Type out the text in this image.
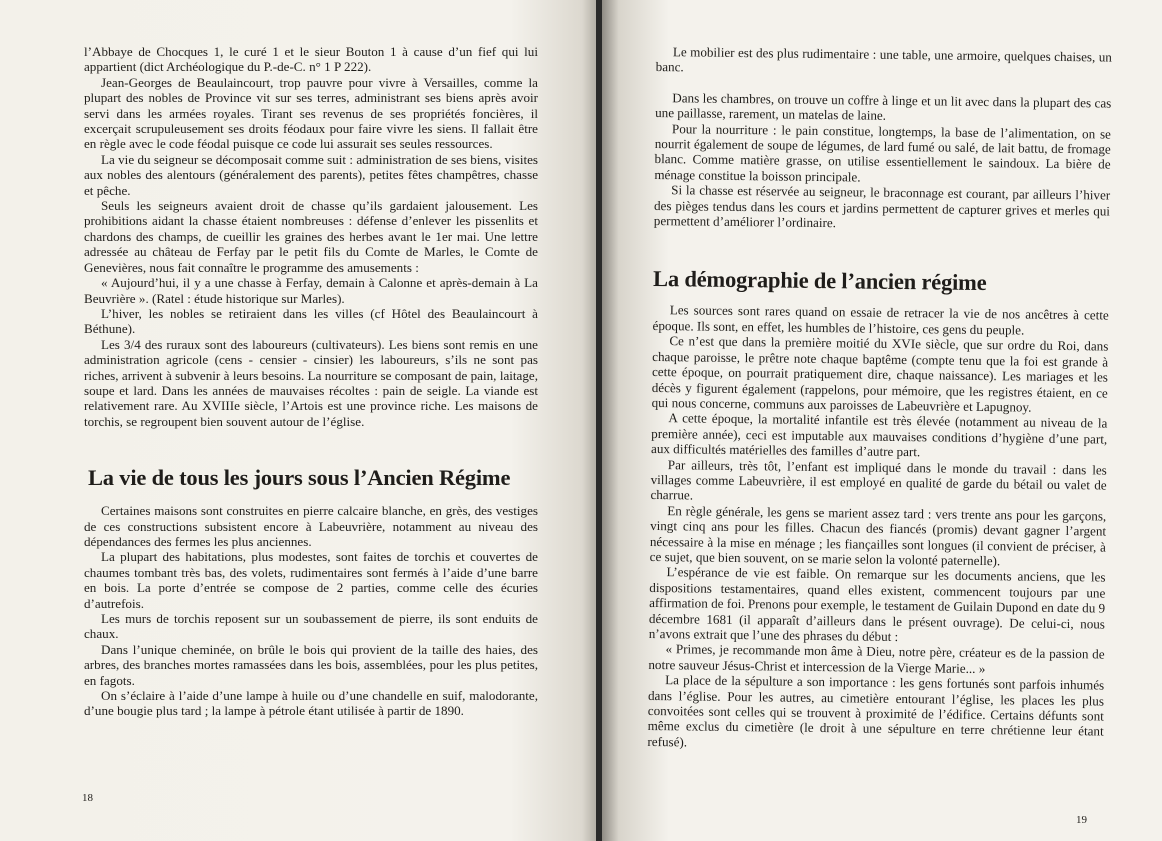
l’Abbaye de Chocques 1, le curé 1 et le sieur Bouton 1 à cause d’un fief qui lui appartient (dict Archéologique du P.-de-C. n° 1 P 222).

Jean-Georges de Beaulaincourt, trop pauvre pour vivre à Versailles, comme la plupart des nobles de Province vit sur ses terres, administrant ses biens après avoir servi dans les armées royales. Tirant ses revenus de ses propriétés foncières, il excerçait scrupuleusement ses droits féodaux pour faire vivre les siens. Il fallait être en règle avec le code féodal puisque ce code lui assurait ses seules ressources.

La vie du seigneur se décomposait comme suit : administration de ses biens, visites aux nobles des alentours (généralement des parents), petites fêtes champêtres, chasse et pêche.

Seuls les seigneurs avaient droit de chasse qu’ils gardaient jalousement. Les prohibitions aidant la chasse étaient nombreuses : défense d’enlever les pissenlits et chardons des champs, de cueillir les graines des herbes avant le 1er mai. Une lettre adressée au château de Ferfay par le petit fils du Comte de Marles, le Comte de Genevières, nous fait connaître le programme des amusements :

« Aujourd’hui, il y a une chasse à Ferfay, demain à Calonne et après-demain à La Beuvrière ». (Ratel : étude historique sur Marles).

L’hiver, les nobles se retiraient dans les villes (cf Hôtel des Beaulaincourt à Béthune).

Les 3/4 des ruraux sont des laboureurs (cultivateurs). Les biens sont remis en une administration agricole (cens - censier - cinsier) les laboureurs, s’ils ne sont pas riches, arrivent à subvenir à leurs besoins. La nourriture se composant de pain, laitage, soupe et lard. Dans les années de mauvaises récoltes : pain de seigle. La viande est relativement rare. Au XVIIIe siècle, l’Artois est une province riche. Les maisons de torchis, se regroupent bien souvent autour de l’église.

La vie de tous les jours sous l’Ancien Régime

Certaines maisons sont construites en pierre calcaire blanche, en grès, des vestiges de ces constructions subsistent encore à Labeuvrière, notamment au niveau des dépendances des fermes les plus anciennes.

La plupart des habitations, plus modestes, sont faites de torchis et couvertes de chaumes tombant très bas, des volets, rudimentaires sont fermés à l’aide d’une barre en bois. La porte d’entrée se compose de 2 parties, comme celle des écuries d’autrefois.

Les murs de torchis reposent sur un soubassement de pierre, ils sont enduits de chaux.

Dans l’unique cheminée, on brûle le bois qui provient de la taille des haies, des arbres, des branches mortes ramassées dans les bois, assemblées, pour les plus petites, en fagots.

On s’éclaire à l’aide d’une lampe à huile ou d’une chandelle en suif, malodorante, d’une bougie plus tard ; la lampe à pétrole étant utilisée à partir de 1890.

18

Le mobilier est des plus rudimentaire : une table, une armoire, quelques chaises, un banc.

Dans les chambres, on trouve un coffre à linge et un lit avec dans la plupart des cas une paillasse, rarement, un matelas de laine.

Pour la nourriture : le pain constitue, longtemps, la base de l’alimentation, on se nourrit également de soupe de légumes, de lard fumé ou salé, de lait battu, de fromage blanc. Comme matière grasse, on utilise essentiellement le saindoux. La bière de ménage constitue la boisson principale.

Si la chasse est réservée au seigneur, le braconnage est courant, par ailleurs l’hiver des pièges tendus dans les cours et jardins permettent de capturer grives et merles qui permettent d’améliorer l’ordinaire.

La démographie de l’ancien régime

Les sources sont rares quand on essaie de retracer la vie de nos ancêtres à cette époque. Ils sont, en effet, les humbles de l’histoire, ces gens du peuple.

Ce n’est que dans la première moitié du XVIe siècle, que sur ordre du Roi, dans chaque paroisse, le prêtre note chaque baptême (compte tenu que la foi est grande à cette époque, on pourrait pratiquement dire, chaque naissance). Les mariages et les décès y figurent également (rappelons, pour mémoire, que les registres étaient, en ce qui nous concerne, communs aux paroisses de Labeuvrière et Lapugnoy.

A cette époque, la mortalité infantile est très élevée (notamment au niveau de la première année), ceci est imputable aux mauvaises conditions d’hygiène d’une part, aux difficultés matérielles des familles d’autre part.

Par ailleurs, très tôt, l’enfant est impliqué dans le monde du travail : dans les villages comme Labeuvrière, il est employé en qualité de garde du bétail ou valet de charrue.

En règle générale, les gens se marient assez tard : vers trente ans pour les garçons, vingt cinq ans pour les filles. Chacun des fiancés (promis) devant gagner l’argent nécessaire à la mise en ménage ; les fiançailles sont longues (il convient de préciser, à ce sujet, que bien souvent, on se marie selon la volonté paternelle).

L’espérance de vie est faible. On remarque sur les documents anciens, que les dispositions testamentaires, quand elles existent, commencent toujours par une affirmation de foi. Prenons pour exemple, le testament de Guilain Dupond en date du 9 décembre 1681 (il apparaît d’ailleurs dans le présent ouvrage). De celui-ci, nous n’avons extrait que l’une des phrases du début :

« Primes, je recommande mon âme à Dieu, notre père, créateur es de la passion de notre sauveur Jésus-Christ et intercession de la Vierge Marie... »

La place de la sépulture a son importance : les gens fortunés sont parfois inhumés dans l’église. Pour les autres, au cimetière entourant l’église, les places les plus convoitées sont celles qui se trouvent à proximité de l’édifice. Certains défunts sont même exclus du cimetière (le droit à une sépulture en terre chrétienne leur étant refusé).

19
